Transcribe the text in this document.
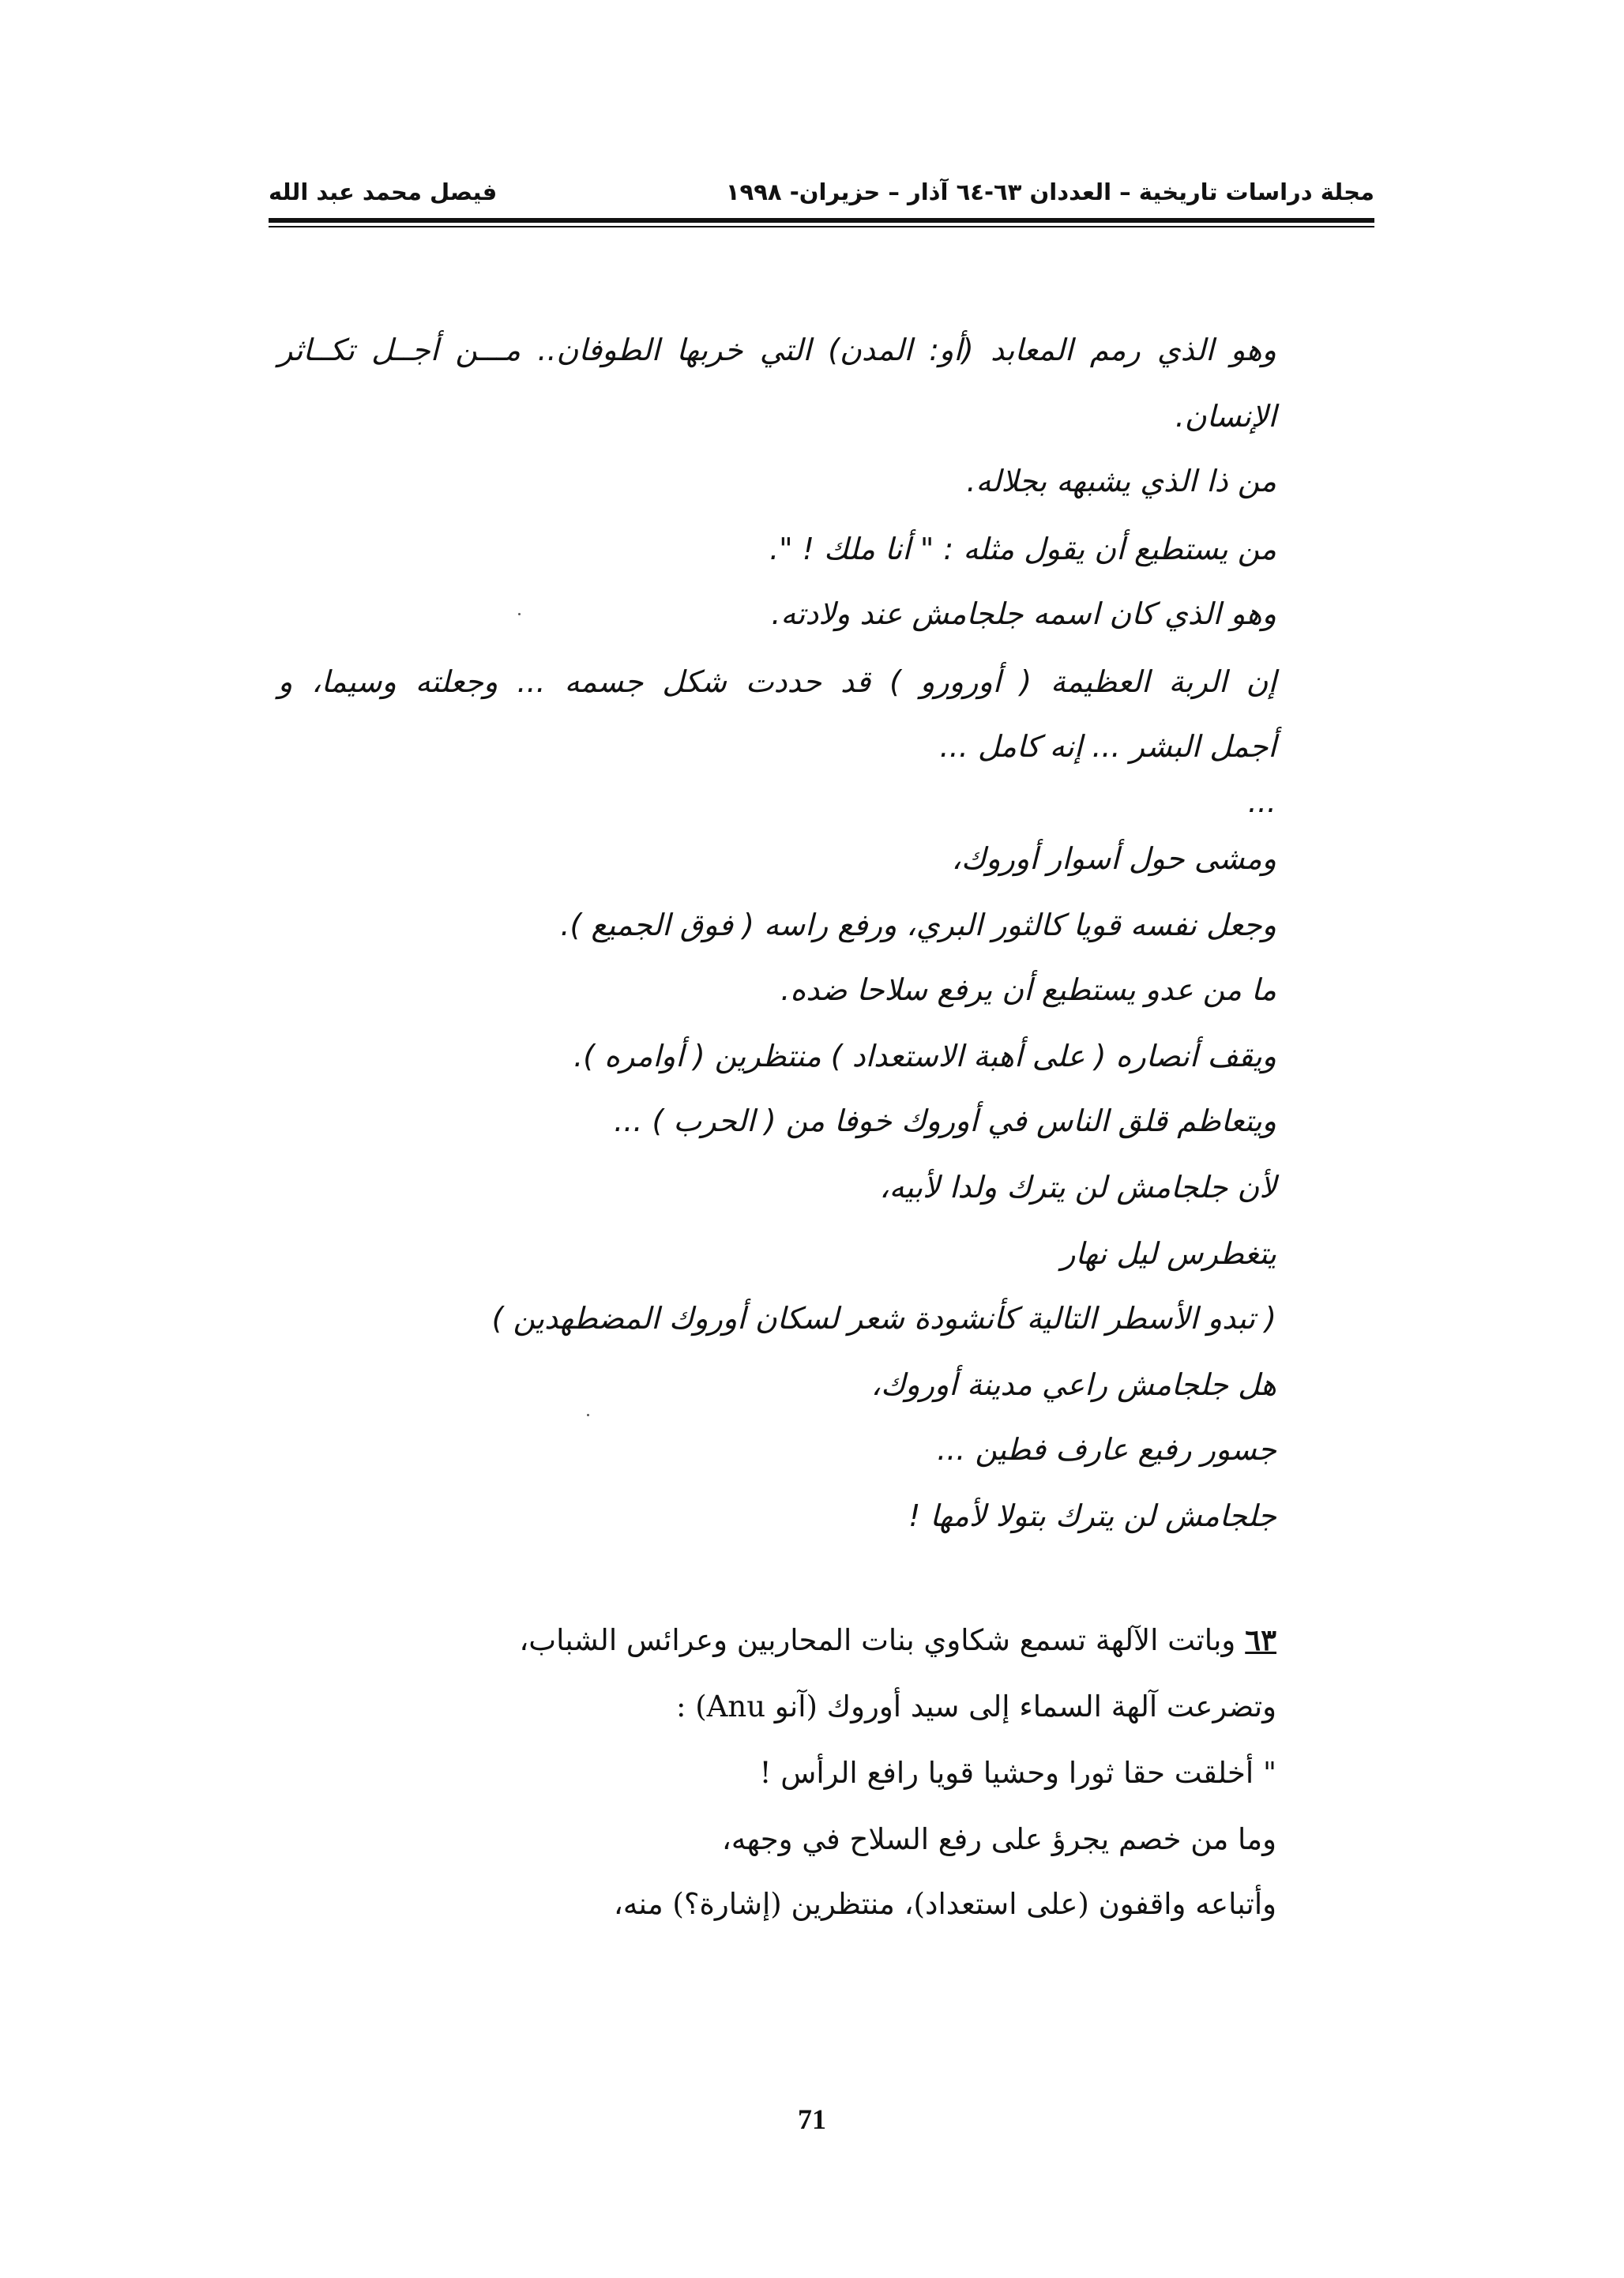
مجلة دراسات تاريخية – العددان ٦٣-٦٤ آذار – حزيران- ١٩٩٨
فيصل محمد عبد الله
وهو الذي رمم المعابد (أو: المدن) التي خربها الطوفان.. مـــن أجــل تكــاثر
الإنسان.
من ذا الذي يشبهه بجلاله.
من يستطيع أن يقول مثله : " أنا ملك ! ".
وهو الذي كان اسمه جلجامش عند ولادته.
إن الربة العظيمة ( أورورو ) قد حددت شكل جسمه ... وجعلته وسيما، و
أجمل البشر ... إنه كامل ...
...
ومشى حول أسوار أوروك،
وجعل نفسه قويا كالثور البري، ورفع راسه ( فوق الجميع ).
ما من عدو يستطيع أن يرفع سلاحا ضده.
ويقف أنصاره ( على أهبة الاستعداد ) منتظرين ( أوامره ).
ويتعاظم قلق الناس في أوروك خوفا من ( الحرب ) ...
لأن جلجامش لن يترك ولدا لأبيه،
يتغطرس ليل نهار
( تبدو الأسطر التالية كأنشودة شعر لسكان أوروك المضطهدين )
هل جلجامش راعي مدينة أوروك،
جسور رفيع عارف فطين ...
جلجامش لن يترك بتولا لأمها !
٦٣وباتت الآلهة تسمع شكاوي بنات المحاربين وعرائس الشباب،
وتضرعت آلهة السماء إلى سيد أوروك (آنو Anu) :
" أخلقت حقا ثورا وحشيا قويا رافع الرأس !
وما من خصم يجرؤ على رفع السلاح في وجهه،
وأتباعه واقفون (على استعداد)، منتظرين (إشارة؟) منه،
71
